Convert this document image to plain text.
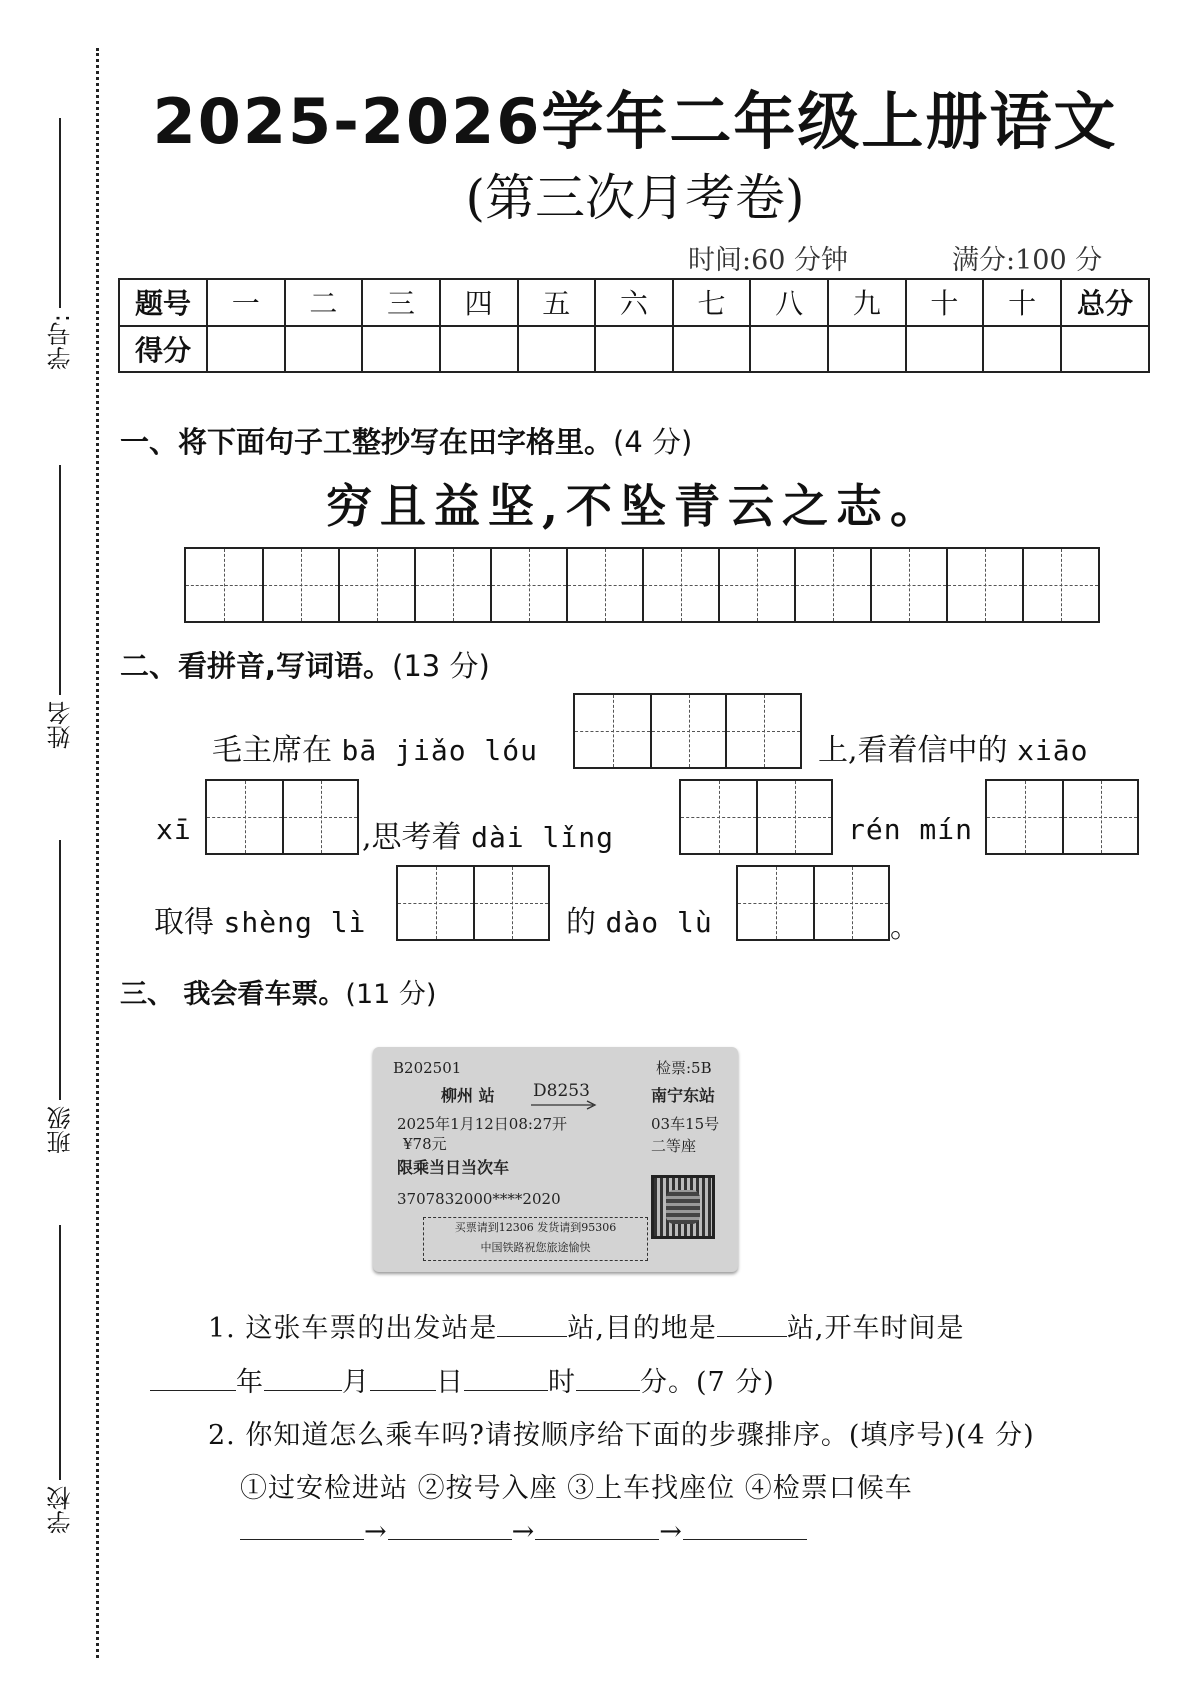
学号:
姓名
班级
学校
2025-2026学年二年级上册语文
(第三次月考卷)
时间:60 分钟	满分:100 分
题号	一	二	三	四	五	六	七	八	九	十	十	总分
得分												
一、将下面句子工整抄写在田字格里。(4 分)
穷且益坚,不坠青云之志。
二、看拼音,写词语。(13 分)
毛主席在 bā jiǎo lóu	上,看着信中的 xiāo
xī	,思考着 dài lǐng	rén mín
取得 shèng lì	的 dào lù	。
三、 我会看车票。(11 分)
B202501	检票:5B
柳州 站 D8253	南宁东站
2025年1月12日08:27开	03车15号
¥78元	二等座
限乘当日当次车
3707832000****2020
买票请到12306 发货请到95306
中国铁路祝您旅途愉快
1. 这张车票的出发站是	站,目的地是	站,开车时间是
年	月 日	时 分。(7 分)
2. 你知道怎么乘车吗?请按顺序给下面的步骤排序。(填序号)(4 分)
①过安检进站 ②按号入座 ③上车找座位 ④检票口候车
→	→	→
